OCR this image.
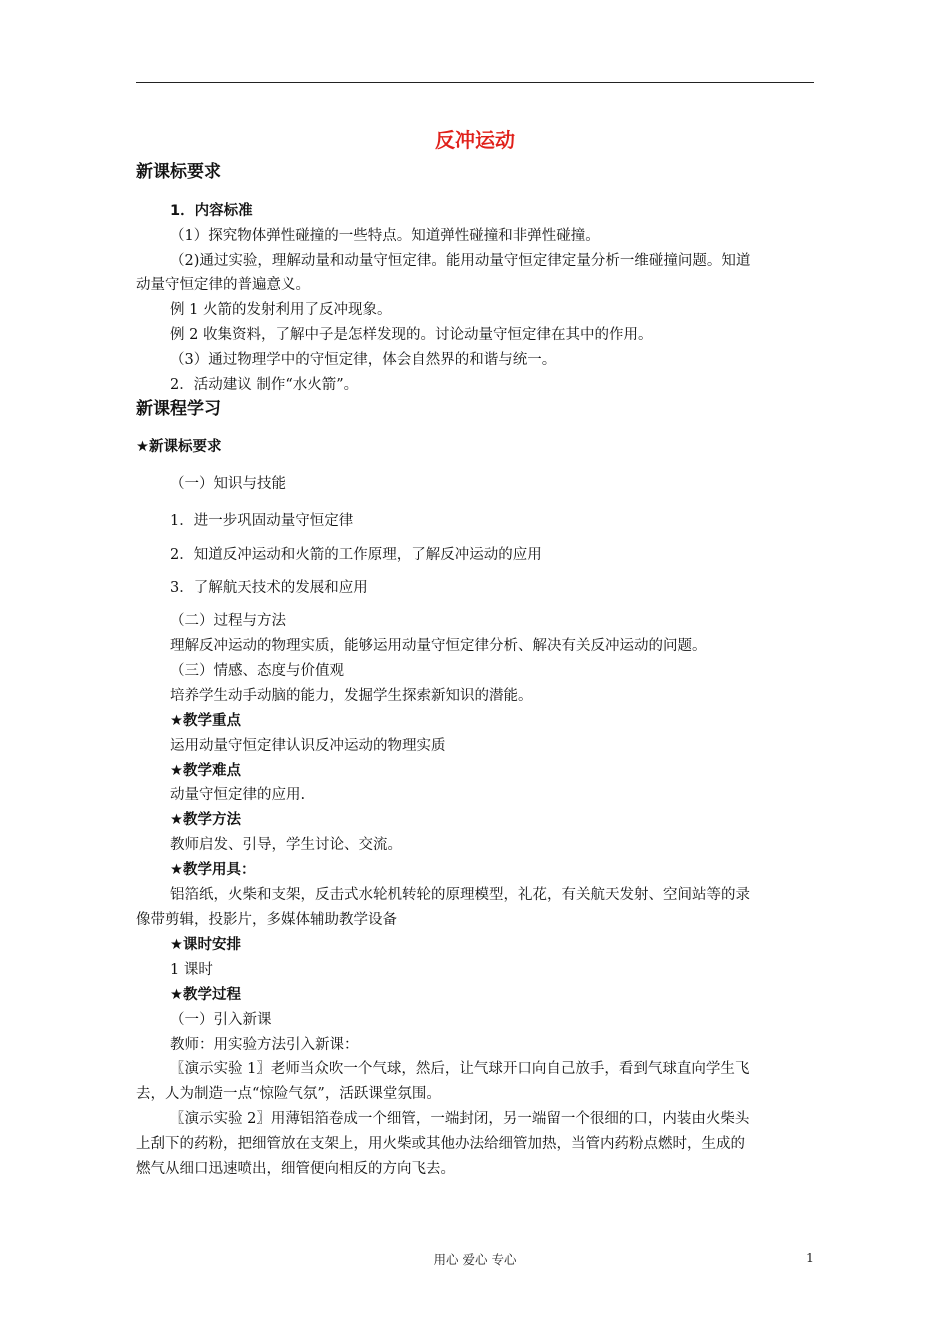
反冲运动
新课标要求
1．内容标准
（1）探究物体弹性碰撞的一些特点。知道弹性碰撞和非弹性碰撞。
（2)通过实验，理解动量和动量守恒定律。能用动量守恒定律定量分析一维碰撞问题。知道
动量守恒定律的普遍意义。
例 1 火箭的发射利用了反冲现象。
例 2 收集资料，了解中子是怎样发现的。讨论动量守恒定律在其中的作用。
（3）通过物理学中的守恒定律，体会自然界的和谐与统一。
2．活动建议 制作“水火箭”。
新课程学习
★新课标要求
（一）知识与技能
1．进一步巩固动量守恒定律
2．知道反冲运动和火箭的工作原理，了解反冲运动的应用
3．了解航天技术的发展和应用
（二）过程与方法
理解反冲运动的物理实质，能够运用动量守恒定律分析、解决有关反冲运动的问题。
（三）情感、态度与价值观
培养学生动手动脑的能力，发掘学生探索新知识的潜能。
★教学重点
运用动量守恒定律认识反冲运动的物理实质
★教学难点
动量守恒定律的应用.
★教学方法
教师启发、引导，学生讨论、交流。
★教学用具：
铝箔纸，火柴和支架，反击式水轮机转轮的原理模型，礼花，有关航天发射、空间站等的录
像带剪辑，投影片，多媒体辅助教学设备
★课时安排
1 课时
★教学过程
（一）引入新课
教师：用实验方法引入新课：
〖演示实验 1〗老师当众吹一个气球，然后，让气球开口向自己放手，看到气球直向学生飞
去，人为制造一点“惊险气氛”，活跃课堂氛围。
〖演示实验 2〗用薄铝箔卷成一个细管，一端封闭，另一端留一个很细的口，内装由火柴头
上刮下的药粉，把细管放在支架上，用火柴或其他办法给细管加热，当管内药粉点燃时，生成的
燃气从细口迅速喷出，细管便向相反的方向飞去。
用心 爱心 专心	1
